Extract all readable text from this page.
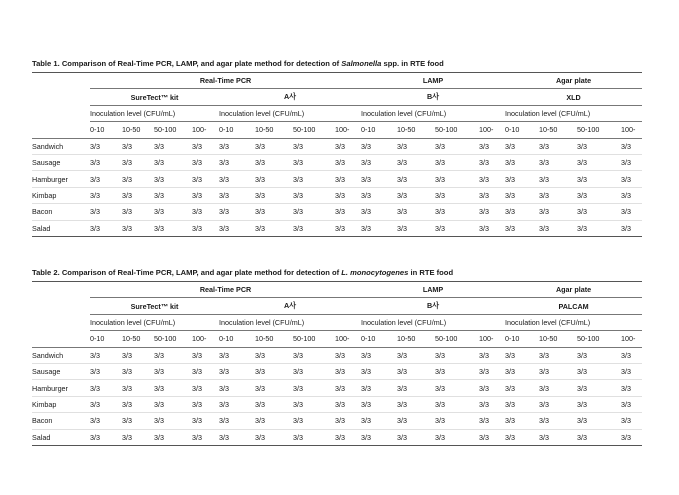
Table 1. Comparison of Real-Time PCR, LAMP, and agar plate method for detection of Salmonella spp. in RTE food
	Real-Time PCR								LAMP				Agar plate			
	SureTect™ kit				A사				B사				XLD			
	Inoculation level (CFU/mL)				Inoculation level (CFU/mL)				Inoculation level (CFU/mL)				Inoculation level (CFU/mL)			
	0-10	10-50	50-100	100-	0-10	10-50	50-100	100-	0-10	10-50	50-100	100-	0-10	10-50	50-100	100-
Sandwich	3/3	3/3	3/3	3/3	3/3	3/3	3/3	3/3	3/3	3/3	3/3	3/3	3/3	3/3	3/3	3/3
Sausage	3/3	3/3	3/3	3/3	3/3	3/3	3/3	3/3	3/3	3/3	3/3	3/3	3/3	3/3	3/3	3/3
Hamburger	3/3	3/3	3/3	3/3	3/3	3/3	3/3	3/3	3/3	3/3	3/3	3/3	3/3	3/3	3/3	3/3
Kimbap	3/3	3/3	3/3	3/3	3/3	3/3	3/3	3/3	3/3	3/3	3/3	3/3	3/3	3/3	3/3	3/3
Bacon	3/3	3/3	3/3	3/3	3/3	3/3	3/3	3/3	3/3	3/3	3/3	3/3	3/3	3/3	3/3	3/3
Salad	3/3	3/3	3/3	3/3	3/3	3/3	3/3	3/3	3/3	3/3	3/3	3/3	3/3	3/3	3/3	3/3
Table 2. Comparison of Real-Time PCR, LAMP, and agar plate method for detection of L. monocytogenes in RTE food
	Real-Time PCR								LAMP				Agar plate			
	SureTect™ kit				A사				B사				PALCAM			
	Inoculation level (CFU/mL)				Inoculation level (CFU/mL)				Inoculation level (CFU/mL)				Inoculation level (CFU/mL)			
	0-10	10-50	50-100	100-	0-10	10-50	50-100	100-	0-10	10-50	50-100	100-	0-10	10-50	50-100	100-
Sandwich	3/3	3/3	3/3	3/3	3/3	3/3	3/3	3/3	3/3	3/3	3/3	3/3	3/3	3/3	3/3	3/3
Sausage	3/3	3/3	3/3	3/3	3/3	3/3	3/3	3/3	3/3	3/3	3/3	3/3	3/3	3/3	3/3	3/3
Hamburger	3/3	3/3	3/3	3/3	3/3	3/3	3/3	3/3	3/3	3/3	3/3	3/3	3/3	3/3	3/3	3/3
Kimbap	3/3	3/3	3/3	3/3	3/3	3/3	3/3	3/3	3/3	3/3	3/3	3/3	3/3	3/3	3/3	3/3
Bacon	3/3	3/3	3/3	3/3	3/3	3/3	3/3	3/3	3/3	3/3	3/3	3/3	3/3	3/3	3/3	3/3
Salad	3/3	3/3	3/3	3/3	3/3	3/3	3/3	3/3	3/3	3/3	3/3	3/3	3/3	3/3	3/3	3/3
